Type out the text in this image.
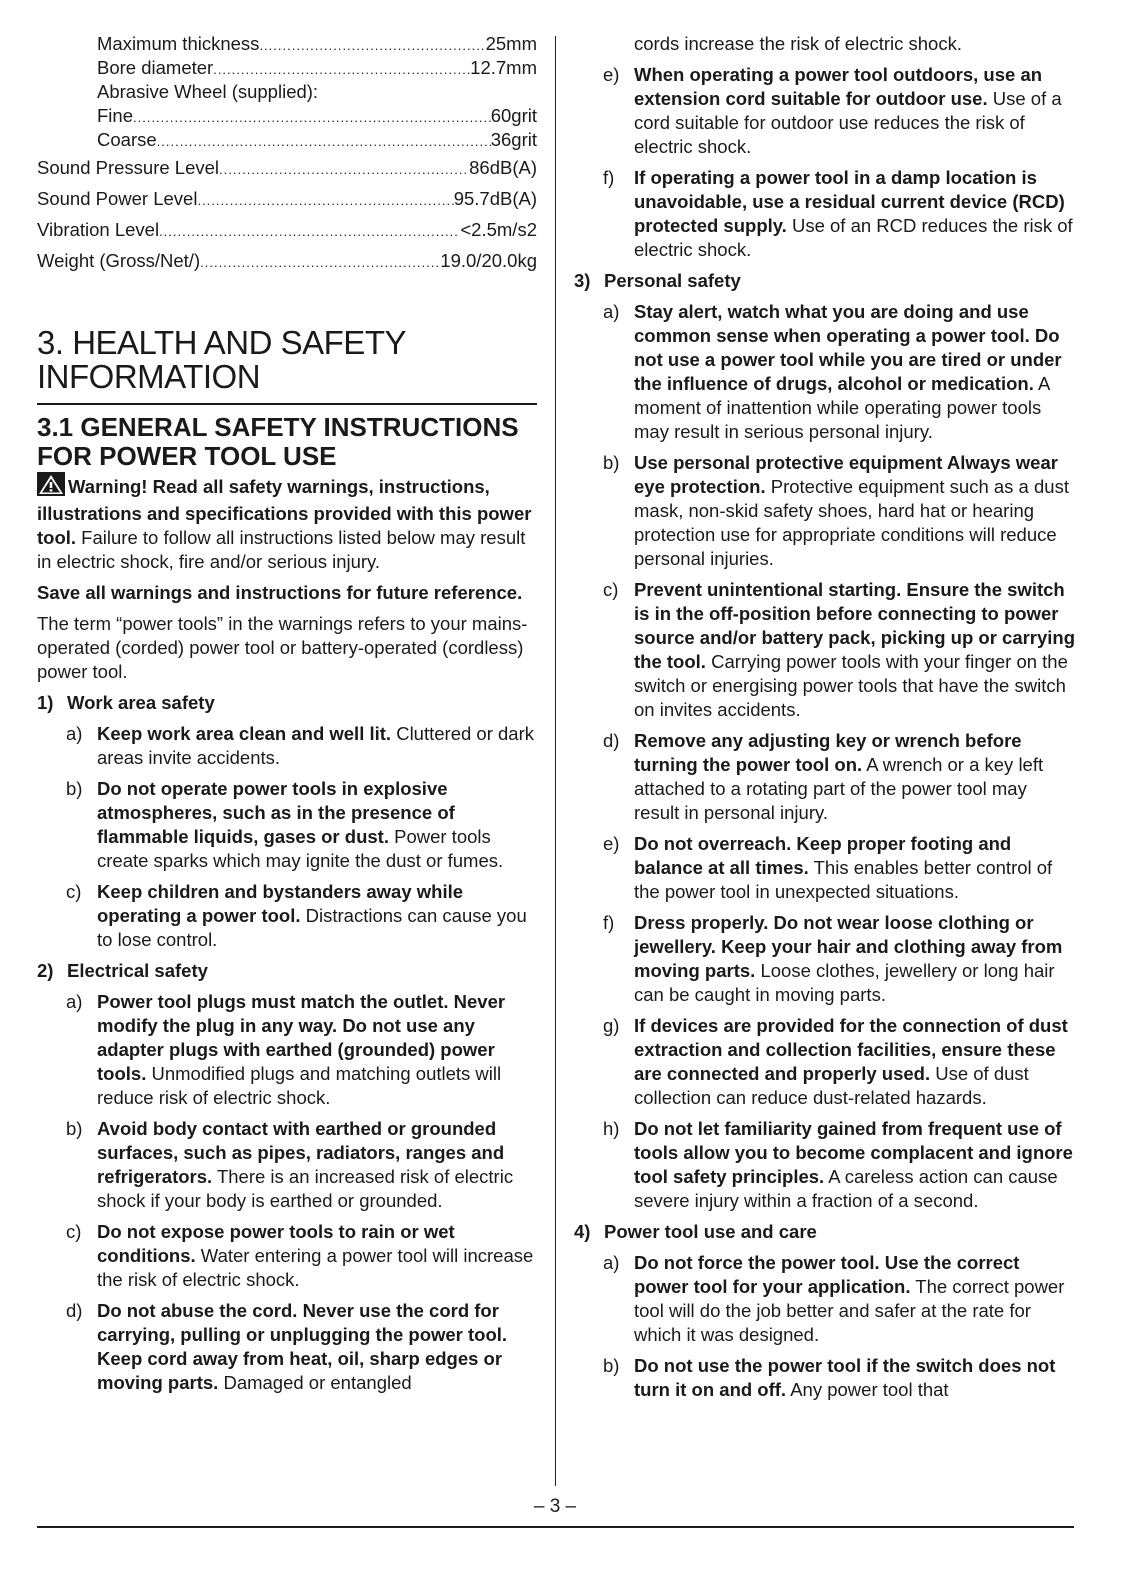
Maximum thickness .....	25mm
Bore diameter .....	12.7mm
Abrasive Wheel (supplied):
Fine .....	60grit
Coarse .....	36grit
Sound Pressure Level .....	86dB(A)
Sound Power Level .....	95.7dB(A)
Vibration Level .....	<2.5m/s2
Weight (Gross/Net/) .....	19.0/20.0kg
3. HEALTH AND SAFETY INFORMATION
3.1 GENERAL SAFETY INSTRUCTIONS FOR POWER TOOL USE

Warning! Read all safety warnings, instructions, illustrations and specifications provided with this power tool. Failure to follow all instructions listed below may result in electric shock, fire and/or serious injury.

Save all warnings and instructions for future reference.

The term “power tools” in the warnings refers to your mains-operated (corded) power tool or battery-operated (cordless) power tool.

1) Work area safety
a) Keep work area clean and well lit. Cluttered or dark areas invite accidents.
b) Do not operate power tools in explosive atmospheres, such as in the presence of flammable liquids, gases or dust. Power tools create sparks which may ignite the dust or fumes.
c) Keep children and bystanders away while operating a power tool. Distractions can cause you to lose control.
2) Electrical safety
a) Power tool plugs must match the outlet. Never modify the plug in any way. Do not use any adapter plugs with earthed (grounded) power tools. Unmodified plugs and matching outlets will reduce risk of electric shock.
b) Avoid body contact with earthed or grounded surfaces, such as pipes, radiators, ranges and refrigerators. There is an increased risk of electric shock if your body is earthed or grounded.
c) Do not expose power tools to rain or wet conditions. Water entering a power tool will increase the risk of electric shock.
d) Do not abuse the cord. Never use the cord for carrying, pulling or unplugging the power tool. Keep cord away from heat, oil, sharp edges or moving parts. Damaged or entangled
cords increase the risk of electric shock.
e) When operating a power tool outdoors, use an extension cord suitable for outdoor use. Use of a cord suitable for outdoor use reduces the risk of electric shock.
f) If operating a power tool in a damp location is unavoidable, use a residual current device (RCD) protected supply. Use of an RCD reduces the risk of electric shock.
3) Personal safety
a) Stay alert, watch what you are doing and use common sense when operating a power tool. Do not use a power tool while you are tired or under the influence of drugs, alcohol or medication. A moment of inattention while operating power tools may result in serious personal injury.
b) Use personal protective equipment Always wear eye protection. Protective equipment such as a dust mask, non-skid safety shoes, hard hat or hearing protection use for appropriate conditions will reduce personal injuries.
c) Prevent unintentional starting. Ensure the switch is in the off-position before connecting to power source and/or battery pack, picking up or carrying the tool. Carrying power tools with your finger on the switch or energising power tools that have the switch on invites accidents.
d) Remove any adjusting key or wrench before turning the power tool on. A wrench or a key left attached to a rotating part of the power tool may result in personal injury.
e) Do not overreach. Keep proper footing and balance at all times. This enables better control of the power tool in unexpected situations.
f) Dress properly. Do not wear loose clothing or jewellery. Keep your hair and clothing away from moving parts. Loose clothes, jewellery or long hair can be caught in moving parts.
g) If devices are provided for the connection of dust extraction and collection facilities, ensure these are connected and properly used. Use of dust collection can reduce dust-related hazards.
h) Do not let familiarity gained from frequent use of tools allow you to become complacent and ignore tool safety principles. A careless action can cause severe injury within a fraction of a second.
4) Power tool use and care
a) Do not force the power tool. Use the correct power tool for your application. The correct power tool will do the job better and safer at the rate for which it was designed.
b) Do not use the power tool if the switch does not turn it on and off. Any power tool that
– 3 –
